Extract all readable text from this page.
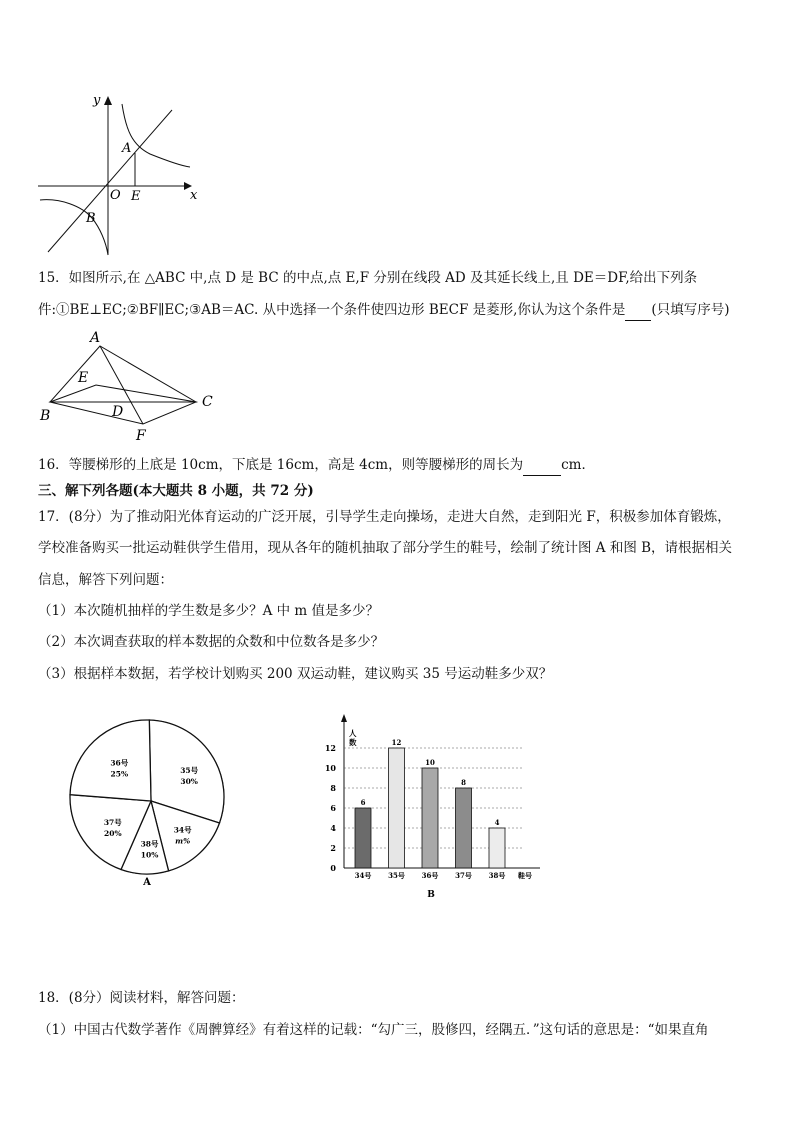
y
x
A
B
O E
15．如图所示,在 △ABC 中,点 D 是 BC 的中点,点 E,F 分别在线段 AD 及其延长线上,且 DE＝DF,给出下列条
件:①BE⊥EC;②BF∥EC;③AB＝AC. 从中选择一个条件使四边形 BECF 是菱形,你认为这个条件是 (只填写序号)
A
B
C
D
E
F
16．等腰梯形的上底是 10cm，下底是 16cm，高是 4cm，则等腰梯形的周长为	cm．
三、解下列各题(本大题共 8 小题，共 72 分)
17．(8分）为了推动阳光体育运动的广泛开展，引导学生走向操场，走进大自然，走到阳光 F，积极参加体育锻炼，
学校准备购买一批运动鞋供学生借用，现从各年的随机抽取了部分学生的鞋号，绘制了统计图 A 和图 B，请根据相关
信息，解答下列问题：
（1）本次随机抽样的学生数是多少？A 中 m 值是多少？
（2）本次调查获取的样本数据的众数和中位数各是多少？
（3）根据样本数据，若学校计划购买 200 双运动鞋，建议购买 35 号运动鞋多少双？
35号
30%
34号
m%
38号
10%
37号
20%
36号
25%
A
人
数
0
2
4
6
8
10
12
6
34号
12
35号
10
36号
8
37号
4
38号 鞋号
B
18．(8分）阅读材料，解答问题：
（1）中国古代数学著作《周髀算经》有着这样的记载：“勾广三，股修四，经隅五．”这句话的意思是：“如果直角
